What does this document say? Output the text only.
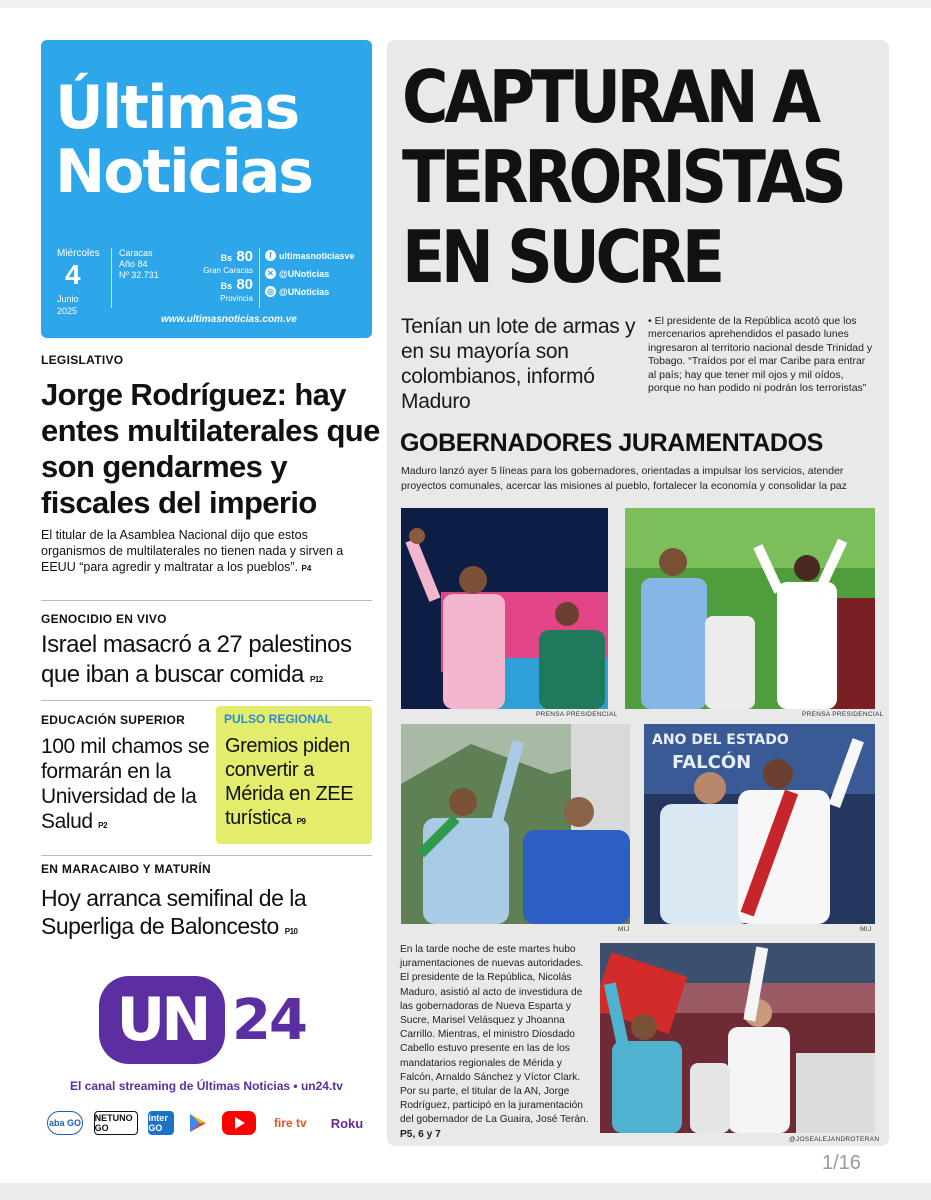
Últimas
Noticias
Miércoles
4
Junio
2025
Caracas
Año 84
Nº 32.731
Bs 80
Gran Caracas
Bs 80
Provincia
f ultimasnoticiasve
✕ @UNoticias
◎ @UNoticias
www.ultimasnoticias.com.ve
LEGISLATIVO
Jorge Rodríguez: hay entes multilaterales que son gendarmes y fiscales del imperio
El titular de la Asamblea Nacional dijo que estos organismos de multilaterales no tienen nada y sirven a EEUU “para agredir y maltratar a los pueblos”. P4
GENOCIDIO EN VIVO
Israel masacró a 27 palestinos que iban a buscar comida P12
EDUCACIÓN SUPERIOR
100 mil chamos se formarán en la Universidad de la Salud P2
PULSO REGIONAL
Gremios piden convertir a Mérida en ZEE turística P9
EN MARACAIBO Y MATURÍN
Hoy arranca semifinal de la Superliga de Baloncesto P10
UN 24
El canal streaming de Últimas Noticias • un24.tv
aba GO NETUNO GO
inter GO	fire tv	Roku
CAPTURAN A
TERRORISTAS
EN SUCRE
Tenían un lote de armas y en su mayoría son colombianos, informó Maduro
• El presidente de la República acotó que los mercenarios aprehendidos el pasado lunes ingresaron al territorio nacional desde Trinidad y Tobago. “Traídos por el mar Caribe para entrar al país; hay que tener mil ojos y mil oídos, porque no han podido ni podrán los terroristas”
GOBERNADORES JURAMENTADOS
Maduro lanzó ayer 5 líneas para los gobernadores, orientadas a impulsar los servicios, atender proyectos comunales, acercar las misiones al pueblo, fortalecer la economía y consolidar la paz
PRENSA PRESIDENCIAL	PRENSA PRESIDENCIAL
ANO DEL ESTADO
FALCÓN
MIJ	MIJ
En la tarde noche de este martes hubo juramentaciones de nuevas autoridades. El presidente de la República, Nicolás Maduro, asistió al acto de investidura de las gobernadoras de Nueva Esparta y Sucre, Marisel Velásquez y Jhoanna Carrillo. Mientras, el ministro Diosdado Cabello estuvo presente en las de los mandatarios regionales de Mérida y Falcón, Arnaldo Sánchez y Víctor Clark. Por su parte, el titular de la AN, Jorge Rodríguez, participó en la juramentación del gobernador de La Guaira, José Terán. P5, 6 y 7	@JOSEALEJANDROTERAN
1/16
